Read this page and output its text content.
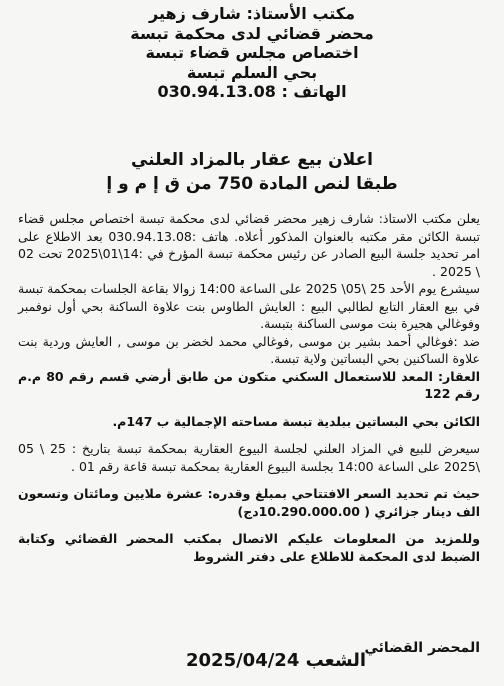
مكتب الأستاذ: شارف زهير
محضر قضائي لدى محكمة تبسة
اختصاص مجلس قضاء تبسة
بحي السلم تبسة
الهاتف : 030.94.13.08
اعلان بيع عقار بالمزاد العلني
طبقا لنص المادة 750 من ق إ م و إ

يعلن مكتب الاستاذ: شارف زهير محضر قضائي لدى محكمة تبسة اختصاص مجلس قضاء تبسة الكائن مقر مكتبه بالعنوان المذكور أعلاه. هاتف :030.94.13.08 بعد الاطلاع على امر تحديد جلسة البيع الصادر عن رئيس محكمة تبسة المؤرخ في :14\01\2025 تحت 02 \ 2025 .

سيشرع يوم الأحد 25 \05\ 2025 على الساعة 14:00 زوالا بقاعة الجلسات بمحكمة تبسة في بيع العقار التابع لطالبي البيع : العايش الطاوس بنت علاوة الساكنة بحي أول نوفمبر وفوغالي هجيرة بنت موسى الساكنة بتبسة.

ضد :فوغالي أحمد بشير بن موسى ,فوغالي محمد لخضر بن موسى , العايش وردية بنت علاوة الساكنين بحي البساتين ولاية تبسة.

العقار: المعد للاستعمال السكني متكون من طابق أرضي قسم رقم 80 م.م رقم 122

الكائن بحي البساتين ببلدية تبسة مساحته الإجمالية ب 147م.

سيعرض للبيع في المزاد العلني لجلسة البيوع العقارية بمحكمة تبسة بتاريخ : 25 \ 05 \2025 على الساعة 14:00 بجلسة البيوع العقارية بمحكمة تبسة قاعة رقم 01 .

حيث تم تحديد السعر الافتتاحي بمبلغ وقدره: عشرة ملايين ومائتان وتسعون الف دينار جزائري ( 10.290.000.00دج)

وللمزيد من المعلومات عليكم الاتصال بمكتب المحضر القضائي وكتابة الضبط لدى المحكمة للاطلاع على دفتر الشروط

المحضر القضائي
الشعب 2025/04/24
